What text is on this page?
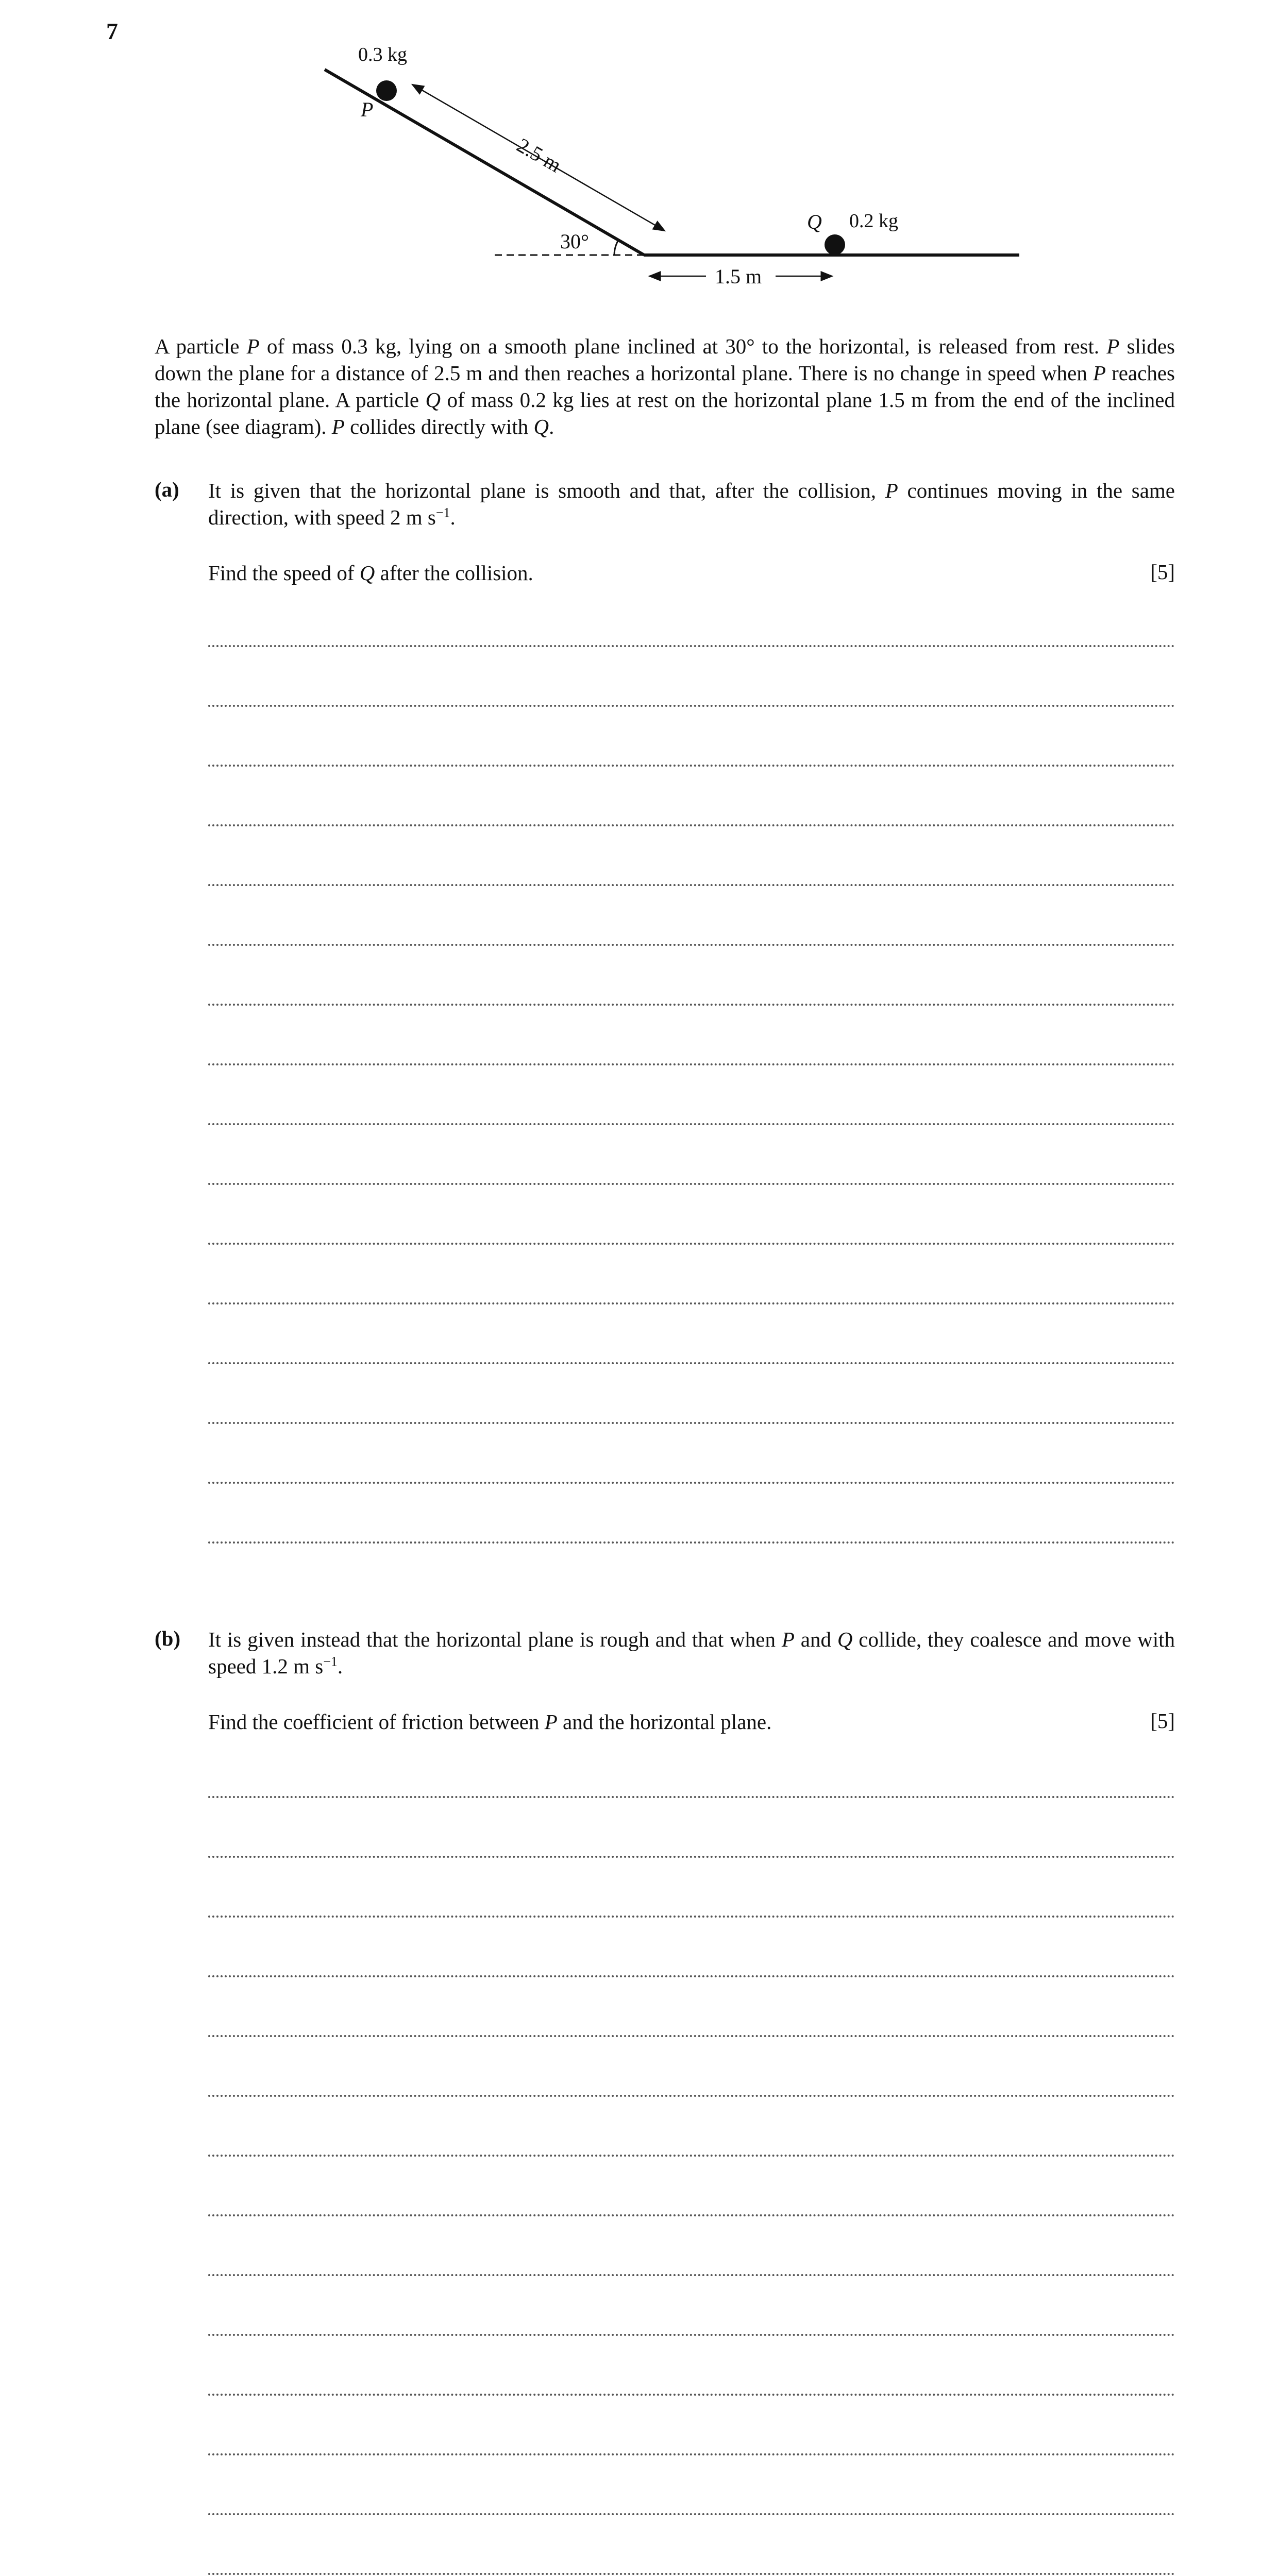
7
0.3 kg
P
2.5 m
30°
Q 0.2 kg
1.5 m
A particle P of mass 0.3 kg, lying on a smooth plane inclined at 30° to the horizontal, is released from rest. P slides down the plane for a distance of 2.5 m and then reaches a horizontal plane. There is no change in speed when P reaches the horizontal plane. A particle Q of mass 0.2 kg lies at rest on the horizontal plane 1.5 m from the end of the inclined plane (see diagram). P collides directly with Q.
(a) It is given that the horizontal plane is smooth and that, after the collision, P continues moving in the same direction, with speed 2 m $s^{-1}$.
Find the speed of Q after the collision.	[5]
(b) It is given instead that the horizontal plane is rough and that when P and Q collide, they coalesce and move with speed 1.2 m $s^{-1}$.
Find the coefficient of friction between P and the horizontal plane.	[5]
